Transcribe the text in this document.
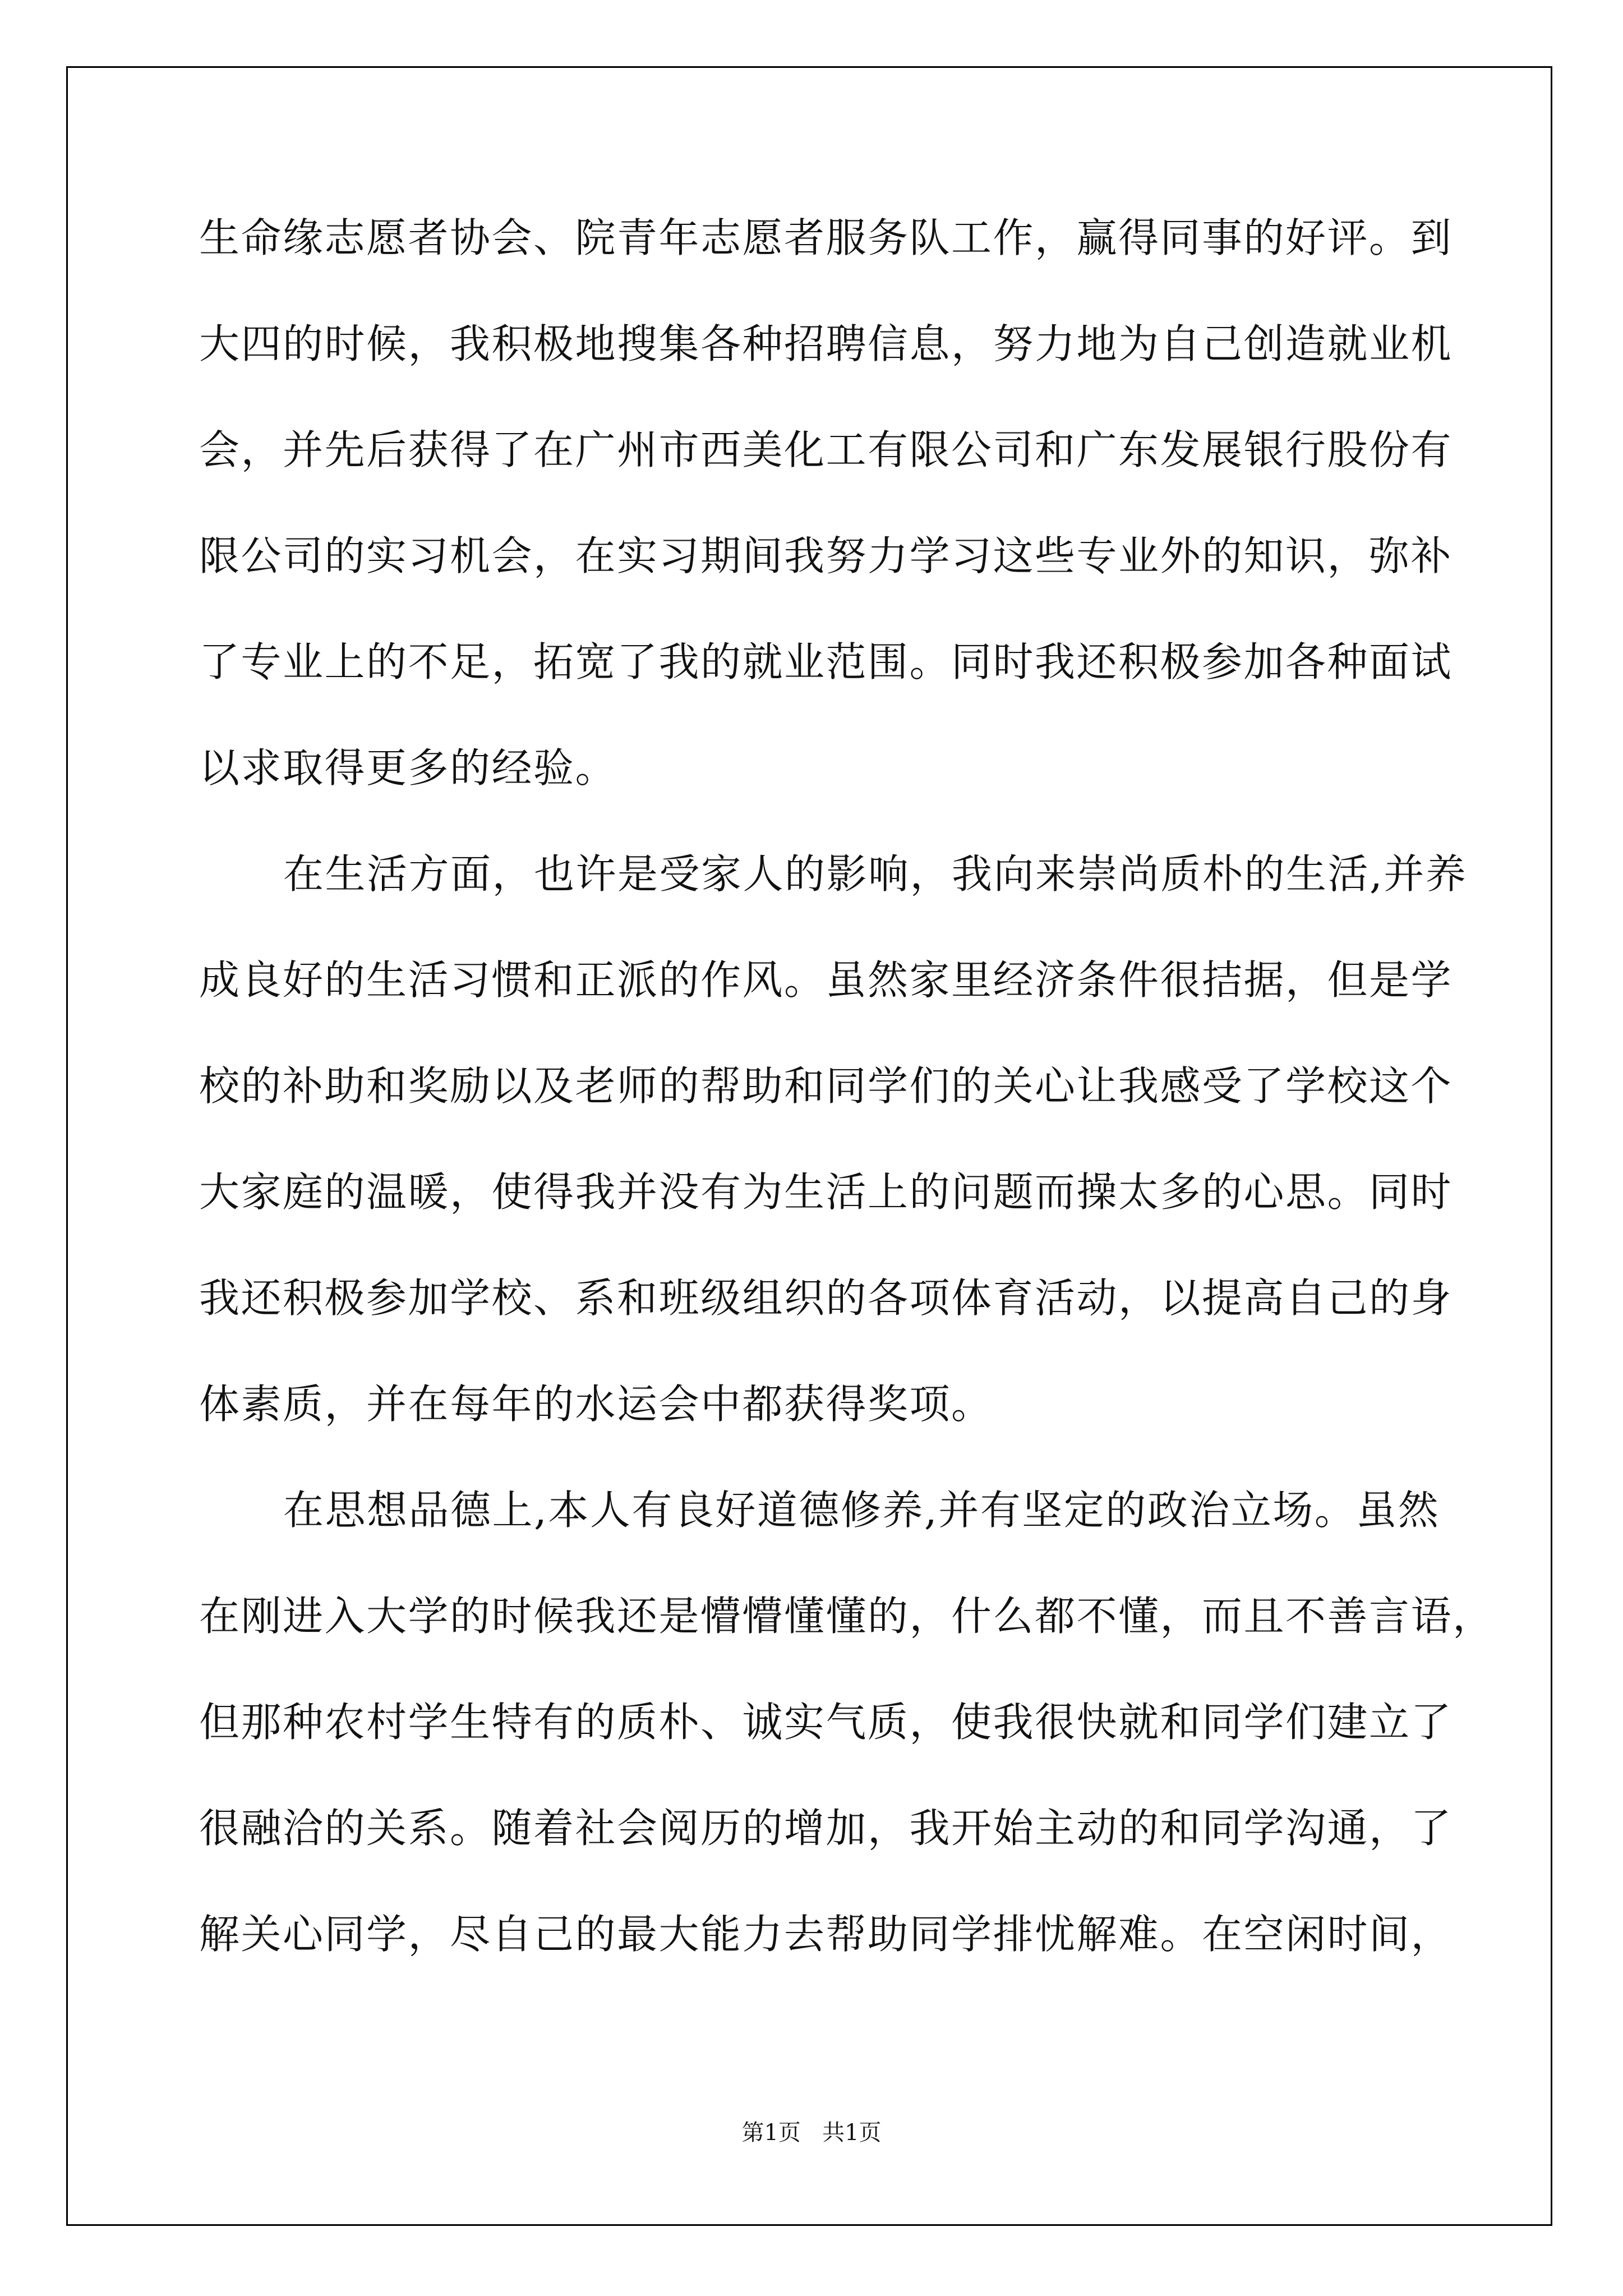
生命缘志愿者协会、院青年志愿者服务队工作，赢得同事的好评。到
大四的时候，我积极地搜集各种招聘信息，努力地为自己创造就业机
会，并先后获得了在广州市西美化工有限公司和广东发展银行股份有
限公司的实习机会，在实习期间我努力学习这些专业外的知识，弥补
了专业上的不足，拓宽了我的就业范围。同时我还积极参加各种面试
以求取得更多的经验。
在生活方面，也许是受家人的影响，我向来崇尚质朴的生活,并养
成良好的生活习惯和正派的作风。虽然家里经济条件很拮据，但是学
校的补助和奖励以及老师的帮助和同学们的关心让我感受了学校这个
大家庭的温暖，使得我并没有为生活上的问题而操太多的心思。同时
我还积极参加学校、系和班级组织的各项体育活动，以提高自己的身
体素质，并在每年的水运会中都获得奖项。
在思想品德上,本人有良好道德修养,并有坚定的政治立场。虽然
在刚进入大学的时候我还是懵懵懂懂的，什么都不懂，而且不善言语，
但那种农村学生特有的质朴、诚实气质，使我很快就和同学们建立了
很融洽的关系。随着社会阅历的增加，我开始主动的和同学沟通，了
解关心同学，尽自己的最大能力去帮助同学排忧解难。在空闲时间，
第1页 共1页
